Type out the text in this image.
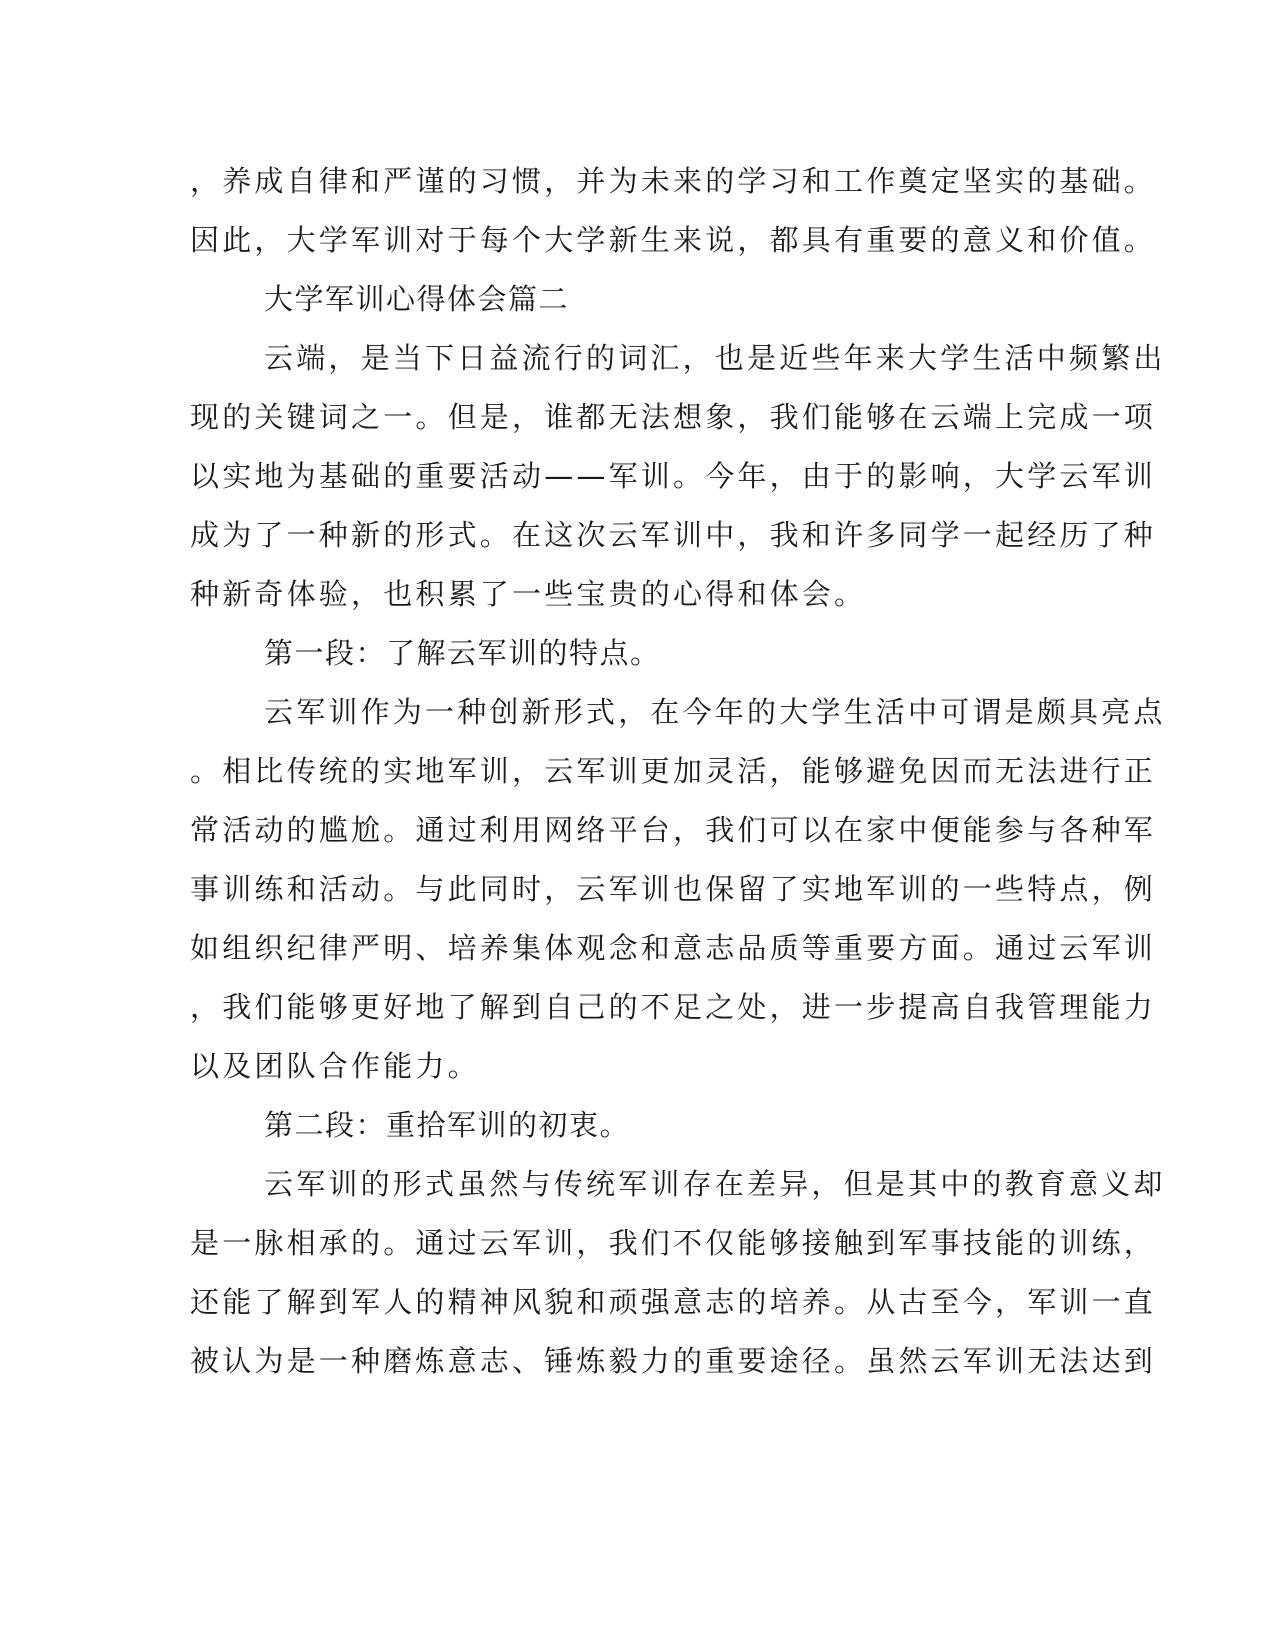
，养成自律和严谨的习惯，并为未来的学习和工作奠定坚实的基础。
因此，大学军训对于每个大学新生来说，都具有重要的意义和价值。
大学军训心得体会篇二
云端，是当下日益流行的词汇，也是近些年来大学生活中频繁出
现的关键词之一。但是，谁都无法想象，我们能够在云端上完成一项
以实地为基础的重要活动——军训。今年，由于的影响，大学云军训
成为了一种新的形式。在这次云军训中，我和许多同学一起经历了种
种新奇体验，也积累了一些宝贵的心得和体会。
第一段：了解云军训的特点。
云军训作为一种创新形式，在今年的大学生活中可谓是颇具亮点
。相比传统的实地军训，云军训更加灵活，能够避免因而无法进行正
常活动的尴尬。通过利用网络平台，我们可以在家中便能参与各种军
事训练和活动。与此同时，云军训也保留了实地军训的一些特点，例
如组织纪律严明、培养集体观念和意志品质等重要方面。通过云军训
，我们能够更好地了解到自己的不足之处，进一步提高自我管理能力
以及团队合作能力。
第二段：重拾军训的初衷。
云军训的形式虽然与传统军训存在差异，但是其中的教育意义却
是一脉相承的。通过云军训，我们不仅能够接触到军事技能的训练，
还能了解到军人的精神风貌和顽强意志的培养。从古至今，军训一直
被认为是一种磨炼意志、锤炼毅力的重要途径。虽然云军训无法达到
